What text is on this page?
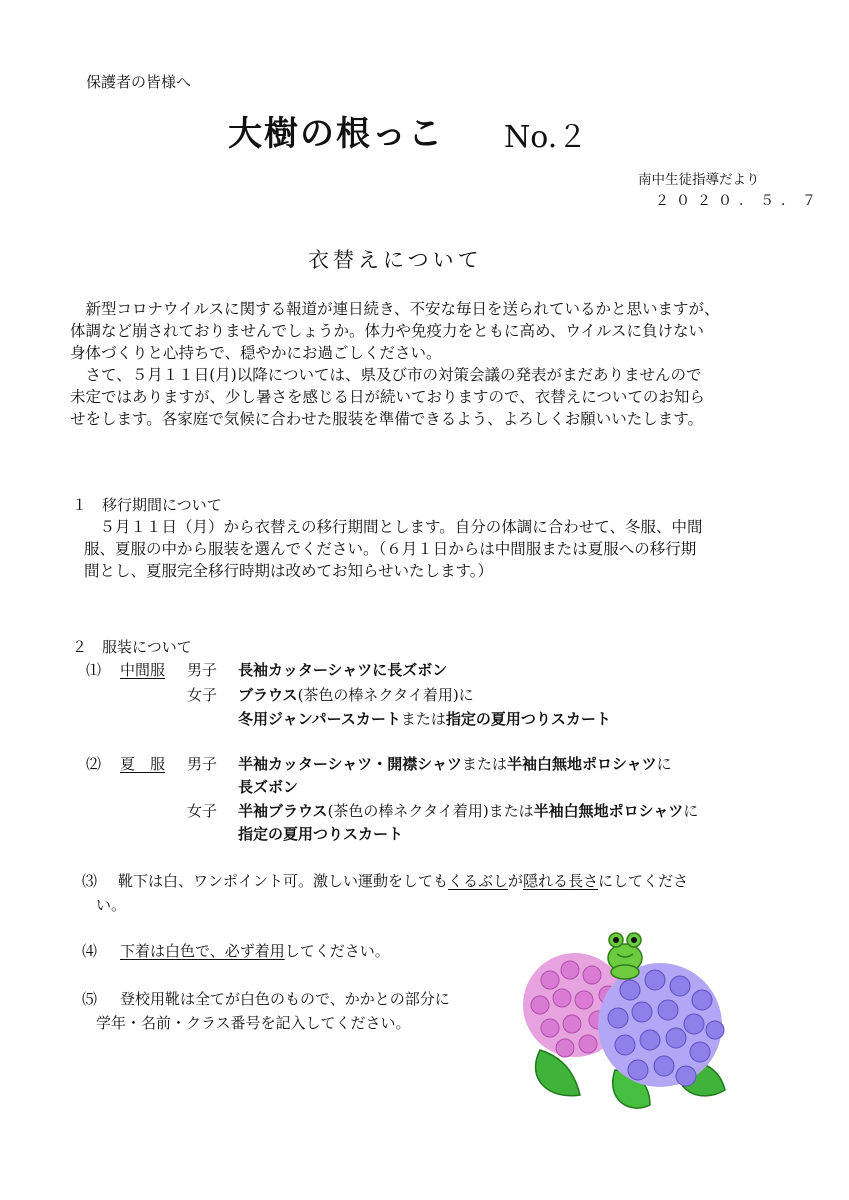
保護者の皆様へ
大樹の根っこ No.２
南中生徒指導だより
２０２０．５．７
衣替えについて
　新型コロナウイルスに関する報道が連日続き、不安な毎日を送られているかと思いますが、
体調など崩されておりませんでしょうか。体力や免疫力をともに高め、ウイルスに負けない
身体づくりと心持ちで、穏やかにお過ごしください。
　さて、５月１１日(月)以降については、県及び市の対策会議の発表がまだありませんので
未定ではありますが、少し暑さを感じる日が続いておりますので、衣替えについてのお知ら
せをします。各家庭で気候に合わせた服装を準備できるよう、よろしくお願いいたします。
１　移行期間について
　５月１１日（月）から衣替えの移行期間とします。自分の体調に合わせて、冬服、中間
服、夏服の中から服装を選んでください。（６月１日からは中間服または夏服への移行期
間とし、夏服完全移行時期は改めてお知らせいたします。）
２　服装について
⑴ 中間服 男子 長袖カッターシャツに長ズボン
女子 ブラウス(茶色の棒ネクタイ着用)に
冬用ジャンパースカートまたは指定の夏用つりスカート
⑵ 夏　服 男子 半袖カッターシャツ・開襟シャツまたは半袖白無地ポロシャツに
長ズボン
女子 半袖ブラウス(茶色の棒ネクタイ着用)または半袖白無地ポロシャツに
指定の夏用つりスカート
⑶ 靴下は白、ワンポイント可。激しい運動をしてもくるぶしが隠れる長さにしてくださ
い。
⑷ 下着は白色で、必ず着用してください。
⑸ 登校用靴は全てが白色のもので、かかとの部分に
学年・名前・クラス番号を記入してください。
